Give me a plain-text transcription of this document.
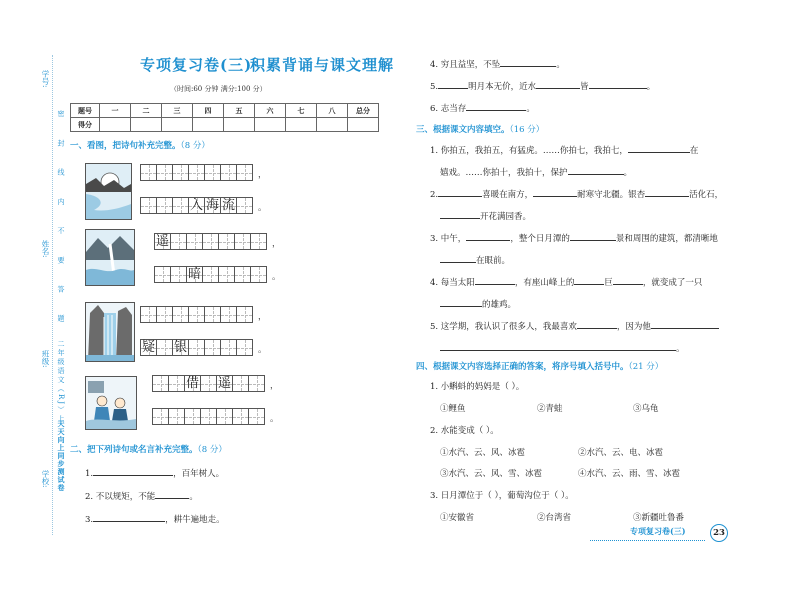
学号:
姓名:
班级:
学校:
密 封 线 内 不 要 答 题
二年级语文（RJ）上
天天向上同步测试卷
专项复习卷(三)
积累背诵与课文理解
（时间:60 分钟 满分:100 分）
题号	一	二	三	四	五	六	七	八	总分
得分									
一、看图，把诗句补充完整。（8 分）
，
入 海 流	。
遥	，
暗	。
，
疑 银	。
借 遥	，
。
二、把下列诗句或名言补充完整。（8 分）
1.	，百年树人。
2. 不以规矩，不能	。
3.	，耕牛遍地走。
4. 穷且益坚，不坠	。
5.	明月本无价，近水	皆	。
6. 志当存	。
三、根据课文内容填空。（16 分）
1. 你拍五，我拍五，有猛虎。……你拍七，我拍七，	在
嬉戏。……你拍十，我拍十，保护	。
2.	喜暖在南方，	耐寒守北疆。银杏	活化石，
开花满园香。
3. 中午，	，整个日月潭的	景和周围的建筑，都清晰地
在眼前。
4. 每当太阳	，有座山峰上的	巨	，就变成了一只
的雄鸡。
5. 这学期，我认识了很多人，我最喜欢	，因为他
。
四、根据课文内容选择正确的答案，将序号填入括号中。（21 分）
1. 小蝌蚪的妈妈是（ ）。
①鲤鱼	②青蛙	③乌龟
2. 水能变成（ ）。
①水汽、云、风、冰雹	②水汽、云、电、冰雹
③水汽、云、风、雪、冰雹	④水汽、云、雨、雪、冰雹
3. 日月潭位于（ ），葡萄沟位于（ ）。
①安徽省	②台湾省	③新疆吐鲁番
专项复习卷(三)	23
